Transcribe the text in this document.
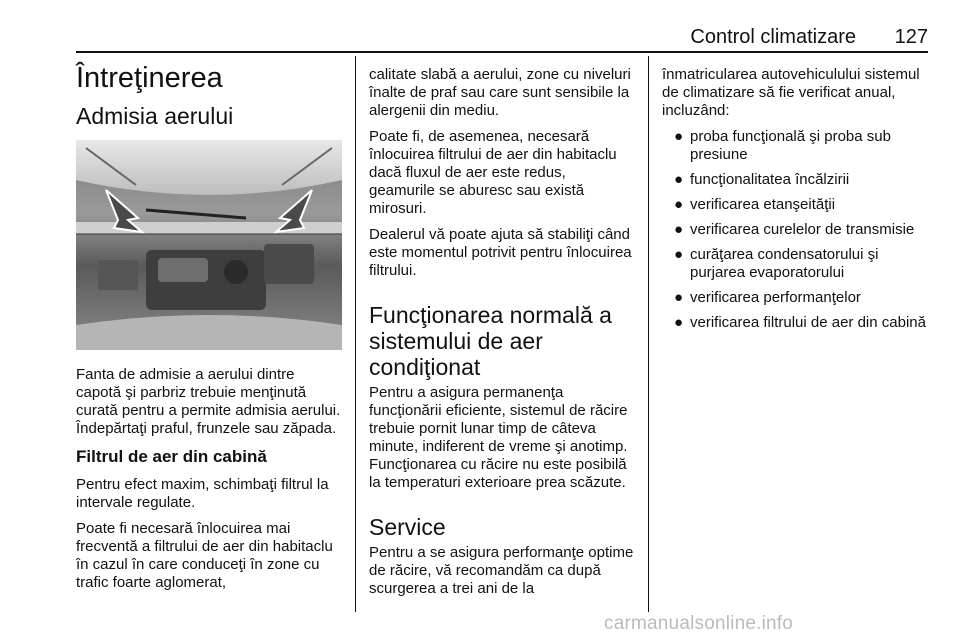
Control climatizare 127
Întreţinerea
Admisia aerului

Fanta de admisie a aerului dintre capotă şi parbriz trebuie menţinută curată pentru a permite admisia aerului. Îndepărtaţi praful, frunzele sau zăpada.

Filtrul de aer din cabină

Pentru efect maxim, schimbaţi filtrul la intervale regulate.

Poate fi necesară înlocuirea mai frecventă a filtrului de aer din habitaclu în cazul în care conduceţi în zone cu trafic foarte aglomerat,

calitate slabă a aerului, zone cu niveluri înalte de praf sau care sunt sensibile la alergenii din mediu.

Poate fi, de asemenea, necesară înlocuirea filtrului de aer din habitaclu dacă fluxul de aer este redus, geamurile se aburesc sau există mirosuri.

Dealerul vă poate ajuta să stabiliţi când este momentul potrivit pentru înlocuirea filtrului.

Funcţionarea normală a sistemului de aer condiţionat

Pentru a asigura permanenţa funcţionării eficiente, sistemul de răcire trebuie pornit lunar timp de câteva minute, indiferent de vreme şi anotimp. Funcţionarea cu răcire nu este posibilă la temperaturi exterioare prea scăzute.

Service

Pentru a se asigura performanţe optime de răcire, vă recomandăm ca după scurgerea a trei ani de la

înmatricularea autovehiculului sistemul de climatizare să fie verificat anual, incluzând:

● proba funcţională şi proba sub presiune
● funcţionalitatea încălzirii
● verificarea etanşeităţii
● verificarea curelelor de transmisie
● curăţarea condensatorului şi purjarea evaporatorului
● verificarea performanţelor
● verificarea filtrului de aer din cabină
carmanualsonline.info
